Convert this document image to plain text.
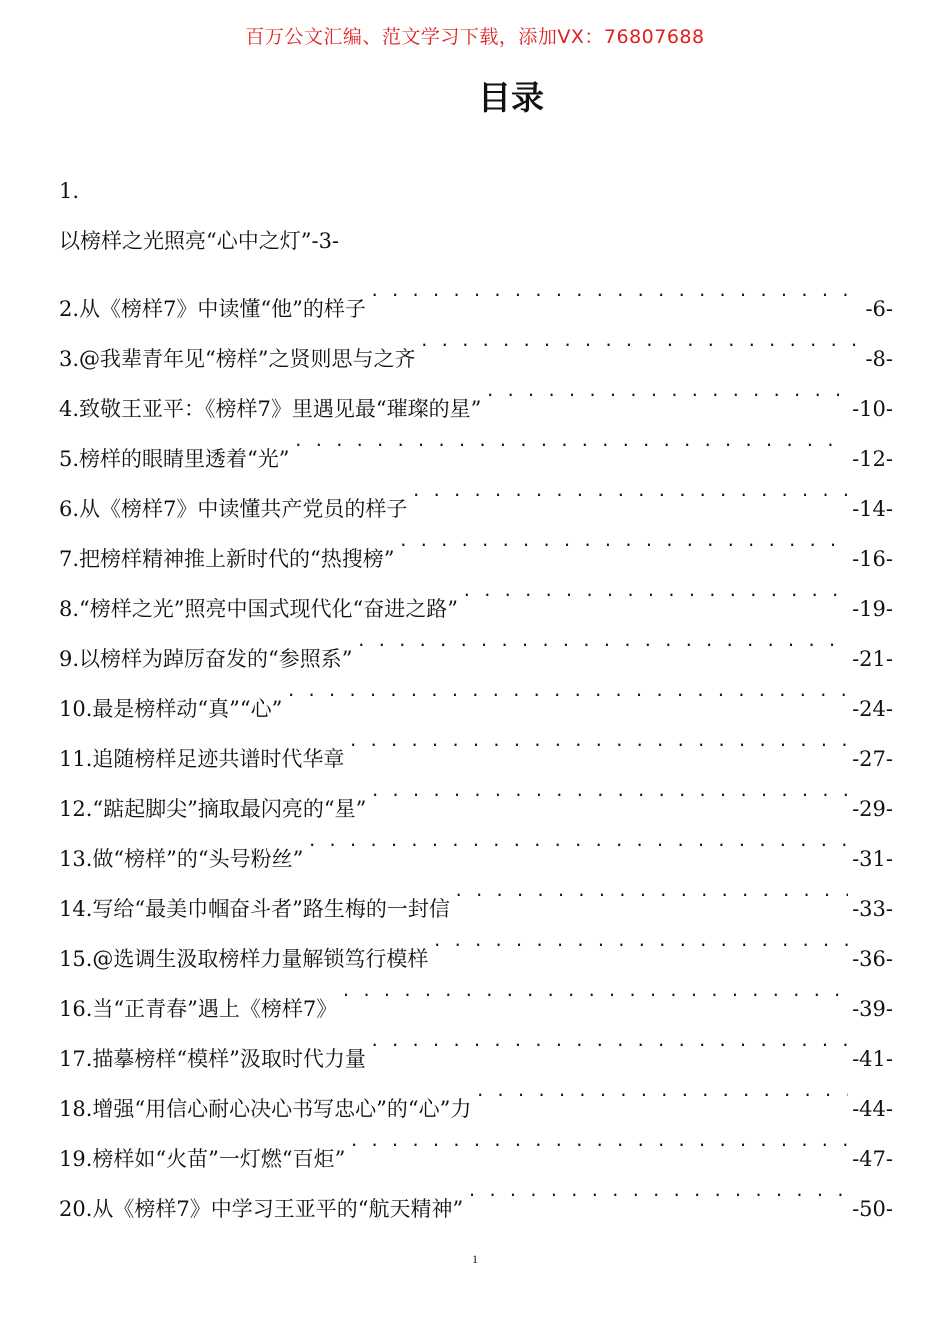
百万公文汇编、范文学习下载，添加VX：76807688
目录
1.
以榜样之光照亮“心中之灯”-3-
2.从《榜样7》中读懂“他”的样子 . . .	-6-
3.@我辈青年见“榜样”之贤则思与之齐 . . .	-8-
4.致敬王亚平：《榜样7》里遇见最“璀璨的星” . . .	-10-
5.榜样的眼睛里透着“光” . . .	-12-
6.从《榜样7》中读懂共产党员的样子 . . .	-14-
7.把榜样精神推上新时代的“热搜榜” . . .	-16-
8.“榜样之光”照亮中国式现代化“奋进之路” . . .	-19-
9.以榜样为踔厉奋发的“参照系” . . .	-21-
10.最是榜样动“真”“心” . . .	-24-
11.追随榜样足迹共谱时代华章 . . .	-27-
12.“踮起脚尖”摘取最闪亮的“星” . . .	-29-
13.做“榜样”的“头号粉丝” . . .	-31-
14.写给“最美巾帼奋斗者”路生梅的一封信 . . .	-33-
15.@选调生汲取榜样力量解锁笃行模样 . . .	-36-
16.当“正青春”遇上《榜样7》 . . .	-39-
17.描摹榜样“模样”汲取时代力量 . . .	-41-
18.增强“用信心耐心决心书写忠心”的“心”力 . . .	-44-
19.榜样如“火苗”一灯燃“百炬” . . .	-47-
20.从《榜样7》中学习王亚平的“航天精神” . . .	-50-
1
